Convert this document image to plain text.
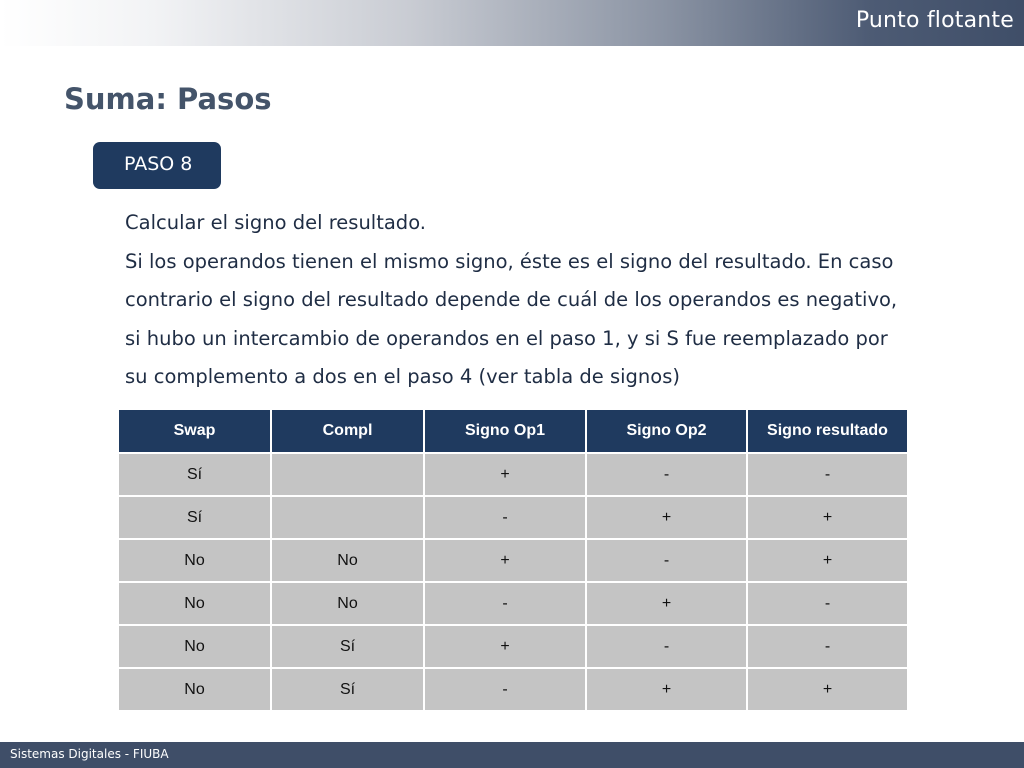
Punto flotante
Suma: Pasos
PASO 8

Calcular el signo del resultado.

Si los operandos tienen el mismo signo, éste es el signo del resultado. En caso contrario el signo del resultado depende de cuál de los operandos es negativo, si hubo un intercambio de operandos en el paso 1, y si S fue reemplazado por su complemento a dos en el paso 4 (ver tabla de signos)

Swap	Compl	Signo Op1	Signo Op2	Signo resultado
Sí		+	-	-
Sí		-	+	+
No	No	+	-	+
No	No	-	+	-
No	Sí	+	-	-
No	Sí	-	+	+
Sistemas Digitales - FIUBA
